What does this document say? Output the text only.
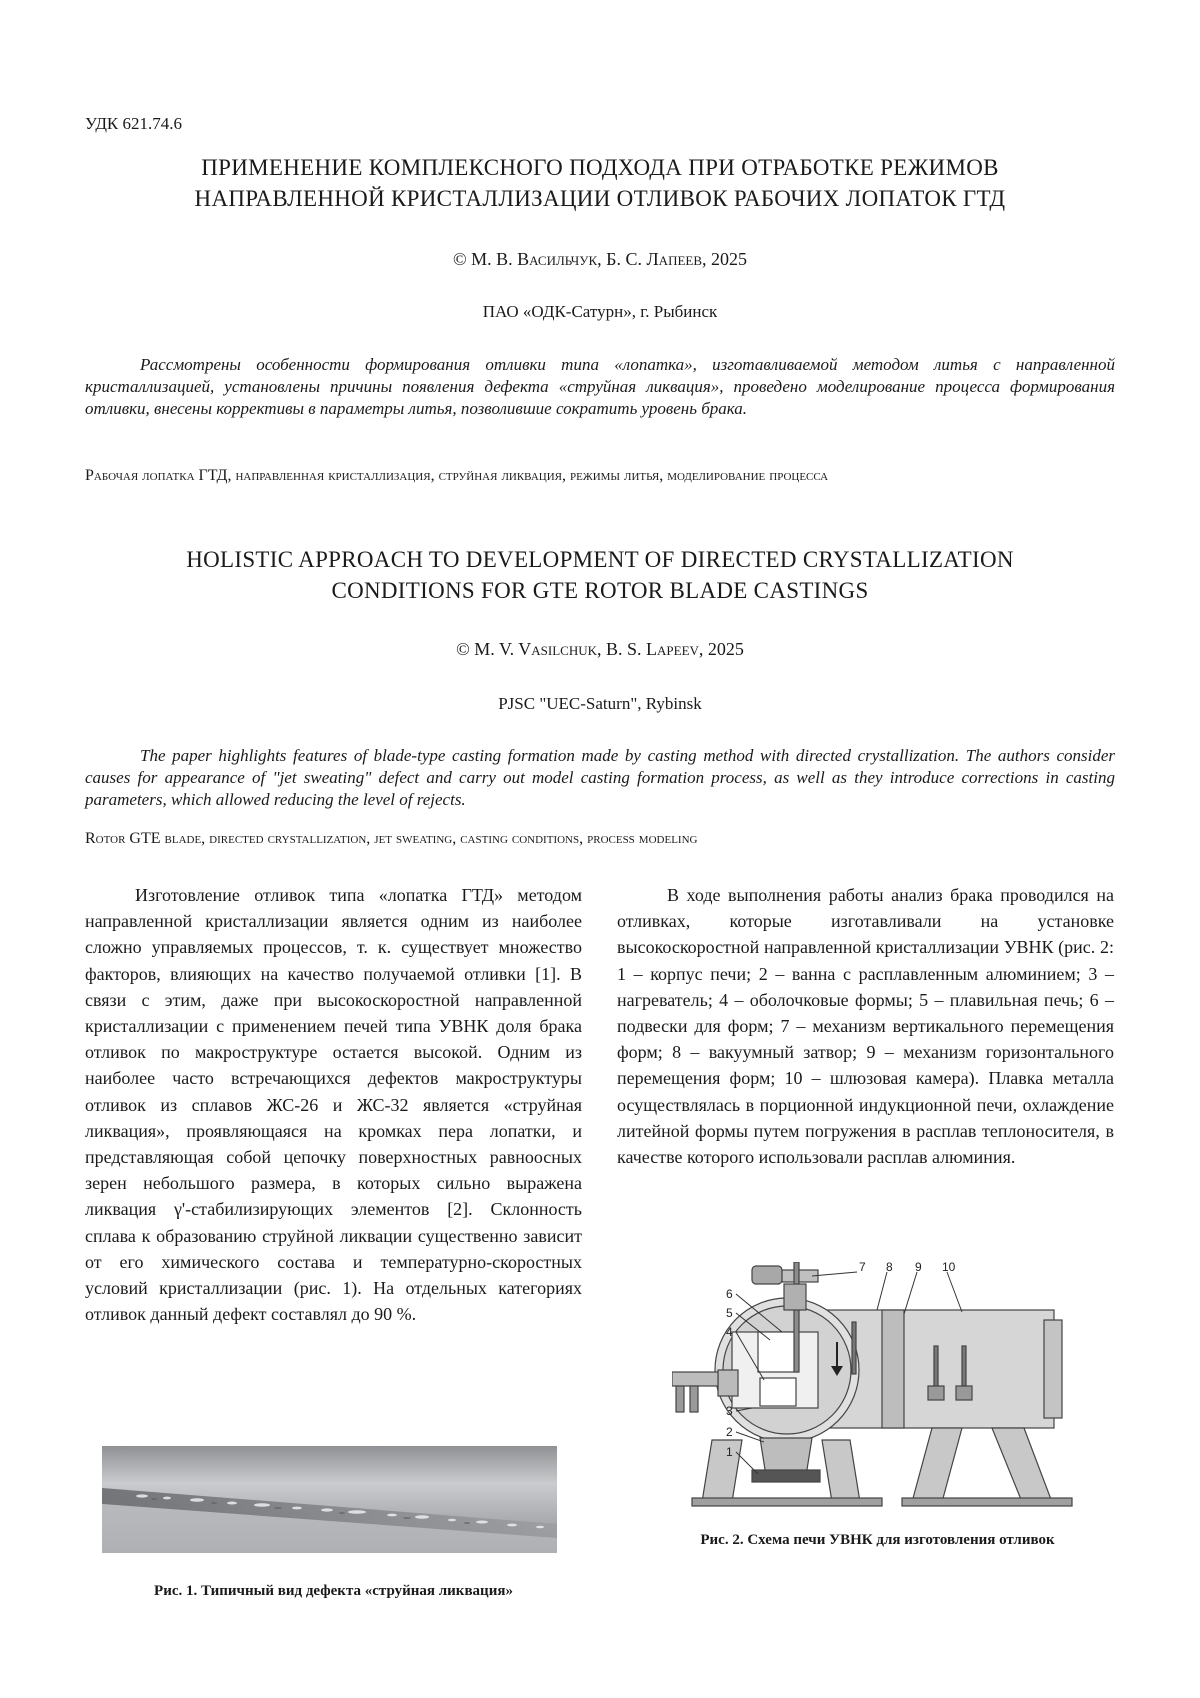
УДК 621.74.6
ПРИМЕНЕНИЕ КОМПЛЕКСНОГО ПОДХОДА ПРИ ОТРАБОТКЕ РЕЖИМОВ
НАПРАВЛЕННОЙ КРИСТАЛЛИЗАЦИИ ОТЛИВОК РАБОЧИХ ЛОПАТОК ГТД
© М. В. Васильчук, Б. С. Лапеев, 2025
ПАО «ОДК-Сатурн», г. Рыбинск

Рассмотрены особенности формирования отливки типа «лопатка», изготавливаемой методом литья с направленной кристаллизацией, установлены причины появления дефекта «струйная ликвация», проведено моделирование процесса формирования отливки, внесены коррективы в параметры литья, позволившие сократить уровень брака.

Рабочая лопатка ГТД, направленная кристаллизация, струйная ликвация, режимы литья, моделирование процесса

HOLISTIC APPROACH TO DEVELOPMENT OF DIRECTED CRYSTALLIZATION
CONDITIONS FOR GTE ROTOR BLADE CASTINGS
© M. V. Vasilchuk, B. S. Lapeev, 2025
PJSC "UEC-Saturn", Rybinsk

The paper highlights features of blade-type casting formation made by casting method with directed crystallization. The authors consider causes for appearance of "jet sweating" defect and carry out model casting formation process, as well as they introduce corrections in casting parameters, which allowed reducing the level of rejects.

Rotor GTE blade, directed crystallization, jet sweating, casting conditions, process modeling

Изготовление отливок типа «лопатка ГТД» методом направленной кристаллизации является одним из наиболее сложно управляемых процессов, т. к. существует множество факторов, влияющих на качество получаемой отливки [1]. В связи с этим, даже при высокоскоростной направленной кристаллизации с применением печей типа УВНК доля брака отливок по макроструктуре остается высокой. Одним из наиболее часто встречающихся дефектов макроструктуры отливок из сплавов ЖС-26 и ЖС-32 является «струйная ликвация», проявляющаяся на кромках пера лопатки, и представляющая собой цепочку поверхностных равноосных зерен небольшого размера, в которых сильно выражена ликвация γ'-стабилизирующих элементов [2]. Склонность сплава к образованию струйной ликвации существенно зависит от его химического состава и температурно-скоростных условий кристаллизации (рис. 1). На отдельных категориях отливок данный дефект составлял до 90 %.

В ходе выполнения работы анализ брака проводился на отливках, которые изготавливали на установке высокоскоростной направленной кристаллизации УВНК (рис. 2: 1 – корпус печи; 2 – ванна с расплавленным алюминием; 3 – нагреватель; 4 – оболочковые формы; 5 – плавильная печь; 6 – подвески для форм; 7 – механизм вертикального перемещения форм; 8 – вакуумный затвор; 9 – механизм горизонтального перемещения форм; 10 – шлюзовая камера). Плавка металла осуществлялась в порционной индукционной печи, охлаждение литейной формы путем погружения в расплав теплоносителя, в качестве которого использовали расплав алюминия.

Рис. 1. Типичный вид дефекта «струйная ликвация»
7 8 9 10
6
5
4
3
2
1
Рис. 2. Схема печи УВНК для изготовления отливок
